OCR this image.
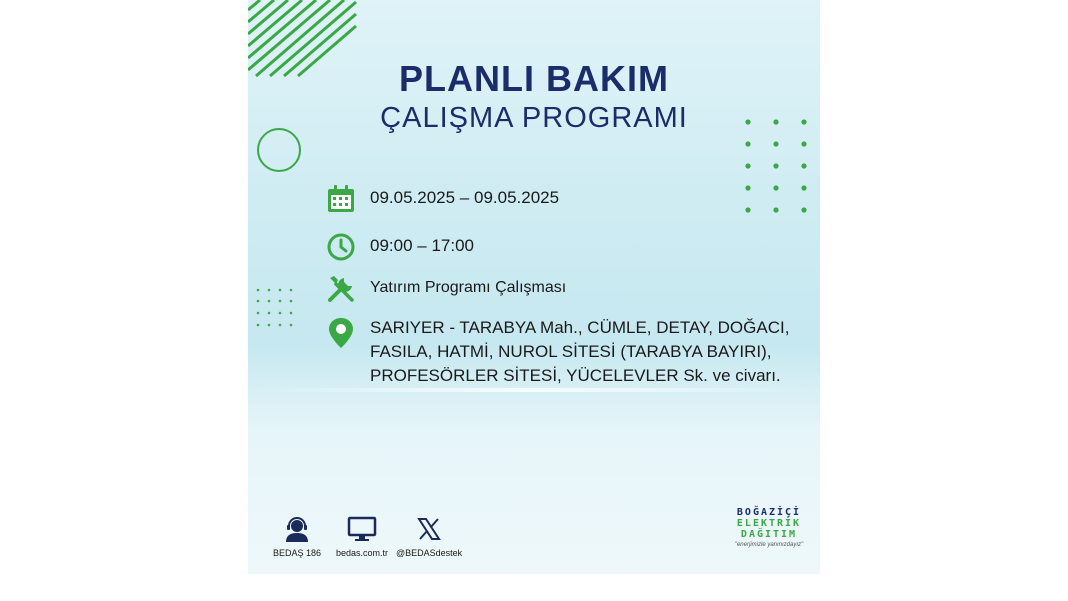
PLANLI BAKIM
ÇALIŞMA PROGRAMI
09.05.2025 – 09.05.2025
09:00 – 17:00
Yatırım Programı Çalışması
SARIYER - TARABYA Mah., CÜMLE, DETAY, DOĞACI,
FASILA, HATMİ, NUROL SİTESİ (TARABYA BAYIRI),
PROFESÖRLER SİTESİ, YÜCELEVLER Sk. ve civarı.
BEDAŞ 186	bedas.com.tr @BEDASdestek
BOĞAZİÇİ
ELEKTRİK
DAĞITIM
"enerjimizle yanınızdayız"
